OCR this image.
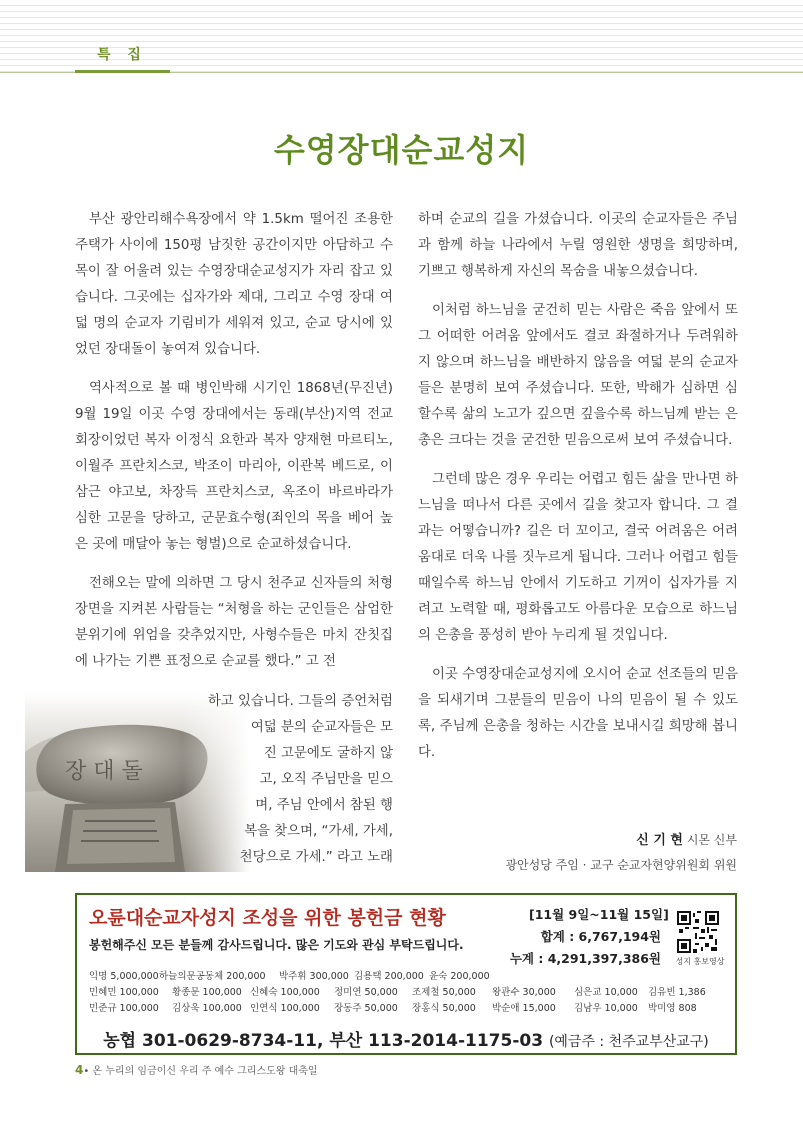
특 집
수영장대순교성지

부산 광안리해수욕장에서 약 1.5km 떨어진 조용한 주택가 사이에 150평 남짓한 공간이지만 아담하고 수목이 잘 어울려 있는 수영장대순교성지가 자리 잡고 있습니다. 그곳에는 십자가와 제대, 그리고 수영 장대 여덟 명의 순교자 기림비가 세워져 있고, 순교 당시에 있었던 장대돌이 놓여져 있습니다.

역사적으로 볼 때 병인박해 시기인 1868년(무진년) 9월 19일 이곳 수영 장대에서는 동래(부산)지역 전교 회장이었던 복자 이정식 요한과 복자 양재현 마르티노, 이월주 프란치스코, 박조이 마리아, 이관복 베드로, 이삼근 야고보, 차장득 프란치스코, 옥조이 바르바라가 심한 고문을 당하고, 군문효수형(죄인의 목을 베어 높은 곳에 매달아 놓는 형벌)으로 순교하셨습니다.

전해오는 말에 의하면 그 당시 천주교 신자들의 처형장면을 지켜본 사람들는 “처형을 하는 군인들은 삼엄한 분위기에 위엄을 갖추었지만, 사형수들은 마치 잔칫집에 나가는 기쁜 표정으로 순교를 했다.” 고 전

하고 있습니다. 그들의 증언처럼
여덟 분의 순교자들은 모
진 고문에도 굴하지 않
고, 오직 주님만을 믿으
며, 주님 안에서 참된 행
복을 찾으며, “가세, 가세,
천당으로 가세.” 라고 노래

하며 순교의 길을 가셨습니다. 이곳의 순교자들은 주님과 함께 하늘 나라에서 누릴 영원한 생명을 희망하며, 기쁘고 행복하게 자신의 목숨을 내놓으셨습니다.

이처럼 하느님을 굳건히 믿는 사람은 죽음 앞에서 또 그 어떠한 어려움 앞에서도 결코 좌절하거나 두려워하지 않으며 하느님을 배반하지 않음을 여덟 분의 순교자들은 분명히 보여 주셨습니다. 또한, 박해가 심하면 심할수록 삶의 노고가 깊으면 깊을수록 하느님께 받는 은총은 크다는 것을 굳건한 믿음으로써 보여 주셨습니다.

그런데 많은 경우 우리는 어렵고 힘든 삶을 만나면 하느님을 떠나서 다른 곳에서 길을 찾고자 합니다. 그 결과는 어떻습니까? 길은 더 꼬이고, 결국 어려움은 어려움대로 더욱 나를 짓누르게 됩니다. 그러나 어렵고 힘들 때일수록 하느님 안에서 기도하고 기꺼이 십자가를 지려고 노력할 때, 평화롭고도 아름다운 모습으로 하느님의 은총을 풍성히 받아 누리게 될 것입니다.

이곳 수영장대순교성지에 오시어 순교 선조들의 믿음을 되새기며 그분들의 믿음이 나의 믿음이 될 수 있도록, 주님께 은총을 청하는 시간을 보내시길 희망해 봅니다.

신 기 현 시몬 신부
광안성당 주임 · 교구 순교자현양위원회 위원
오륜대순교자성지 조성을 위한 봉헌금 현황
봉헌해주신 모든 분들께 감사드립니다. 많은 기도와 관심 부탁드립니다.
[11월 9일~11월 15일]
합계 : 6,767,194원
누계 : 4,291,397,386원	성지 홍보영상
익명 5,000,000 하늘의문공동체 200,000	박주휘 300,000 김용택 200,000 윤숙 200,000
민혜민 100,000	황종문 100,000 신혜숙 100,000	정미연 50,000	조제철 50,000	왕관수 30,000	심은교 10,000	김유빈 1,386
민준규 100,000	김상욱 100,000 인연식 100,000	장동주 50,000	장홍식 50,000	박순애 15,000	김남우 10,000	박미영 808
농협 301-0629-8734-11, 부산 113-2014-1175-03 (예금주 : 천주교부산교구)
4• 온 누리의 임금이신 우리 주 예수 그리스도왕 대축일
